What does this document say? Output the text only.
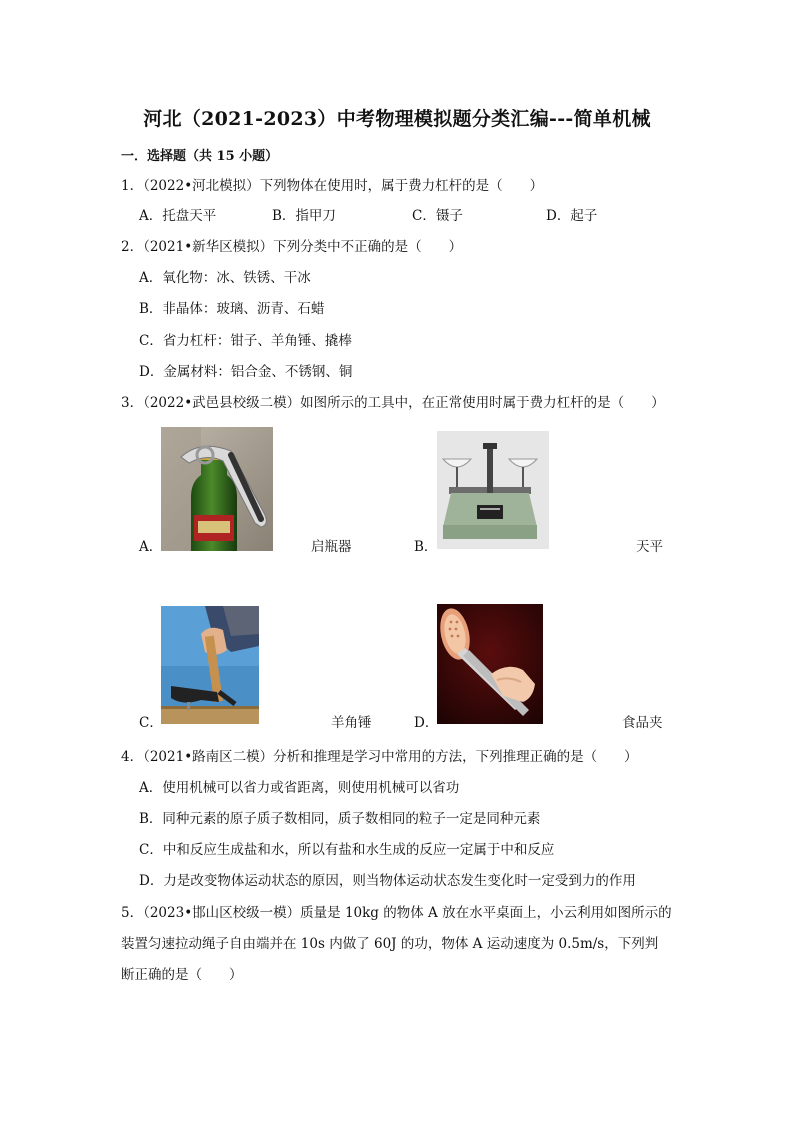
河北（2021-2023）中考物理模拟题分类汇编---简单机械
一．选择题（共 15 小题）
1．（2022•河北模拟）下列物体在使用时，属于费力杠杆的是（　　）
A．托盘天平	B．指甲刀	C．镊子	D．起子
2．（2021•新华区模拟）下列分类中不正确的是（　　）
A．氧化物：冰、铁锈、干冰
B．非晶体：玻璃、沥青、石蜡
C．省力杠杆：钳子、羊角锤、撬棒
D．金属材料：铝合金、不锈钢、铜
3．（2022•武邑县校级二模）如图所示的工具中，在正常使用时属于费力杠杆的是（　　）
A．	启瓶器	B．	天平
C．	羊角锤	D．	食品夹
4．（2021•路南区二模）分析和推理是学习中常用的方法，下列推理正确的是（　　）
A．使用机械可以省力或省距离，则使用机械可以省功
B．同种元素的原子质子数相同，质子数相同的粒子一定是同种元素
C．中和反应生成盐和水，所以有盐和水生成的反应一定属于中和反应
D．力是改变物体运动状态的原因，则当物体运动状态发生变化时一定受到力的作用
5．（2023•邯山区校级一模）质量是 10kg 的物体 A 放在水平桌面上，小云利用如图所示的
装置匀速拉动绳子自由端并在 10s 内做了 60J 的功，物体 A 运动速度为 0.5m/s，下列判
断正确的是（　　）
